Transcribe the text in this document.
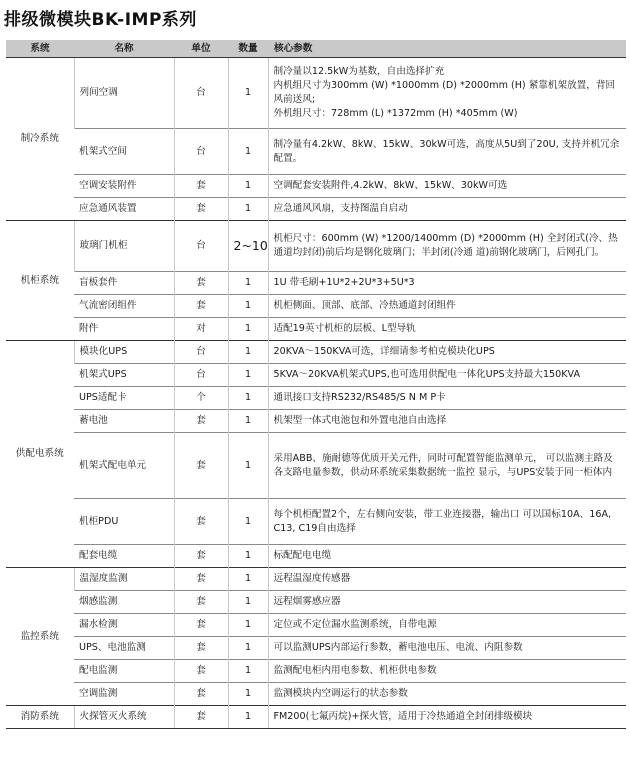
排级微模块BK-IMP系列
系统	名称	单位	数量	核心参数
制冷系统	列间空调	台	1	制冷量以12.5kW为基数，自由选择扩充
内机组尺寸为300mm (W) *1000mm (D) *2000mm (H) 紧靠机架放置，背回风前送风;
外机组尺寸：728mm (L) *1372mm (H) *405mm (W)
	机架式空间	台	1	制冷量有4.2kW、8kW、15kW、30kW可选，高度从5U到了20U, 支持并机冗余配置。
	空调安装附件	套	1	空调配套安装附件,4.2kW、8kW、15kW、30kW可选
	应急通风装置	套	1	应急通风风扇，支持图温自启动
机柜系统	玻璃门机柜	台	2~10	机柜尺寸：600mm (W) *1200/1400mm (D) *2000mm (H) 全封闭式(冷、热通道均封闭)前后均是钢化玻璃门；半封闭(冷通 道)前钢化玻璃门，后网孔门。
	盲板套件	套	1	1U 带毛刷+1U*2+2U*3+5U*3
	气流密闭组件	套	1	机柜侧面、顶部、底部、冷热通道封闭组件
	附件	对	1	适配19英寸机柜的层板、L型导轨
供配电系统	模块化UPS	台	1	20KVA～150KVA可选，详细请参考柏克模块化UPS
	机架式UPS	台	1	5KVA～20KVA机架式UPS,也可选用供配电一体化UPS支持最大150KVA
	UPS适配卡	个	1	通讯接口支持RS232/RS485/S N M P卡
	蓄电池	套	1	机架型一体式电池包和外置电池自由选择
	机架式配电单元	套	1	采用ABB、施耐德等优质开关元件，同时可配置智能监测单元， 可以监测主路及各支路电量参数，供动环系统采集数据统一监控 显示，与UPS安装于同一柜体内
	机柜PDU	套	1	每个机柜配置2个，左右侧向安装，带工业连接器，输出口 可以国标10A、16A, C13, C19自由选择
	配套电缆	套	1	标配配电电缆
监控系统	温湿度监测	套	1	远程温湿度传感器
	烟感监测	套	1	远程烟雾感应器
	漏水检测	套	1	定位或不定位漏水监测系统，自带电源
	UPS、电池监测	套	1	可以监测UPS内部运行参数，蓄电池电压、电流、内阻参数
	配电监测	套	1	监测配电柜内用电参数、机柜供电参数
	空调监测	套	1	监测模块内空调运行的状态参数
消防系统	火探管灭火系统	套	1	FM200(七氟丙烷)+探火管，适用于冷热通道全封闭排级模块
